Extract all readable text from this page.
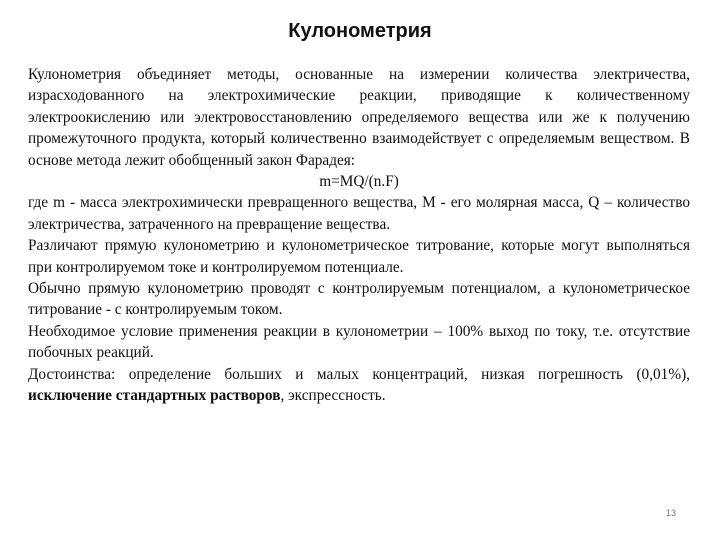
Кулонометрия

Кулонометрия объединяет методы, основанные на измерении количества электричества, израсходованного на электрохимические реакции, приводящие к количественному электроокислению или электровосстановлению определяемого вещества или же к получению промежуточного продукта, который количественно взаимодействует с определяемым веществом. В основе метода лежит обобщенный закон Фарадея:

m=MQ/(n.F)

где m - масса электрохимически превращенного вещества, М - его молярная масса, Q – количество электричества, затраченного на превращение вещества.

Различают прямую кулонометрию и кулонометрическое титрование, которые могут выполняться при контролируемом токе и контролируемом потенциале.

Обычно прямую кулонометрию проводят с контролируемым потенциалом, а кулонометрическое титрование - с контролируемым током.

Необходимое условие применения реакции в кулонометрии – 100% выход по току, т.е. отсутствие побочных реакций.

Достоинства: определение больших и малых концентраций, низкая погрешность (0,01%), исключение стандартных растворов, экспрессность.

13
